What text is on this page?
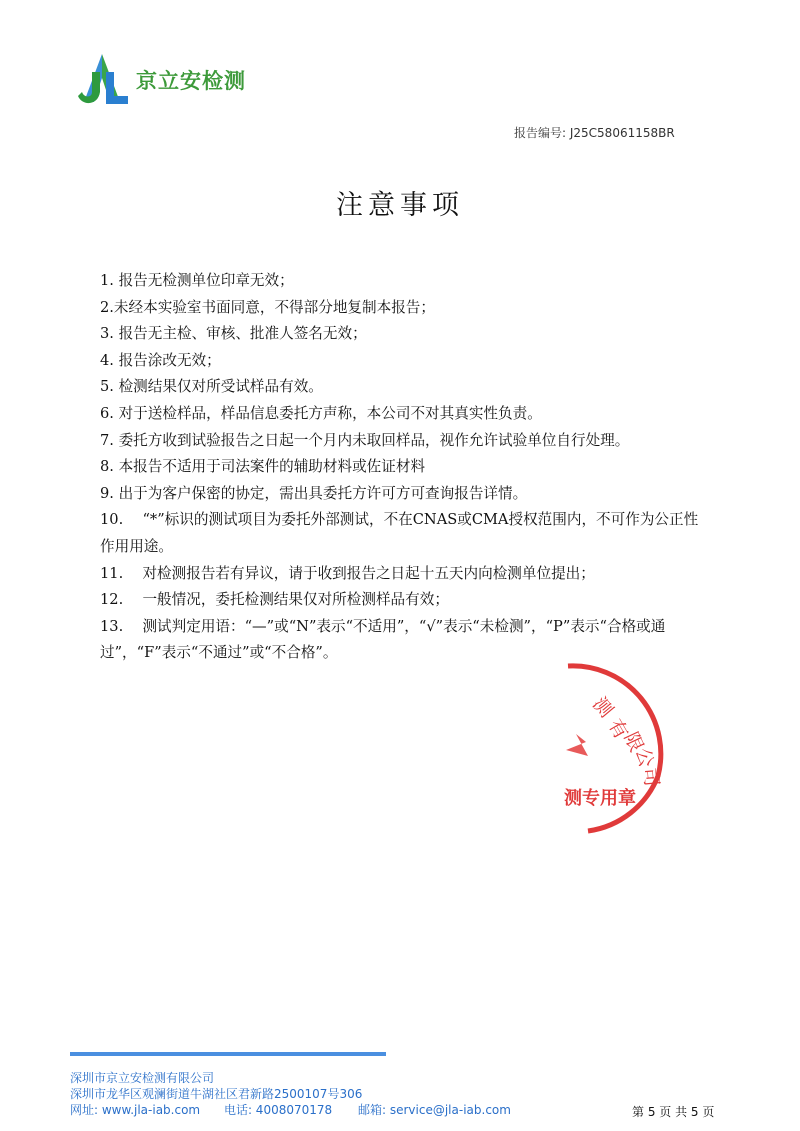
京立安检测
报告编号: J25C58061158BR
注意事项

1. 报告无检测单位印章无效；

2.未经本实验室书面同意，不得部分地复制本报告；

3. 报告无主检、审核、批准人签名无效；

4. 报告涂改无效；

5. 检测结果仅对所受试样品有效。

6. 对于送检样品，样品信息委托方声称，本公司不对其真实性负责。

7. 委托方收到试验报告之日起一个月内未取回样品，视作允许试验单位自行处理。

8. 本报告不适用于司法案件的辅助材料或佐证材料

9. 出于为客户保密的协定，需出具委托方许可方可查询报告详情。

10.　 “*”标识的测试项目为委托外部测试，不在CNAS或CMA授权范围内，不可作为公正性作用用途。

11.　 对检测报告若有异议，请于收到报告之日起十五天内向检测单位提出；

12.　 一般情况，委托检测结果仅对所检测样品有效；

13.　 测试判定用语：“—”或“N”表示“不适用”，“√”表示“未检测”，“P”表示“合格或通过”，“F”表示“不通过”或“不合格”。

测
有
限
公
司
测专用章
深圳市京立安检测有限公司
深圳市龙华区观澜街道牛湖社区君新路2500107号306
网址: www.jla-iab.com 电话: 4008070178 邮箱: service@jla-iab.com	第 5 页 共 5 页
